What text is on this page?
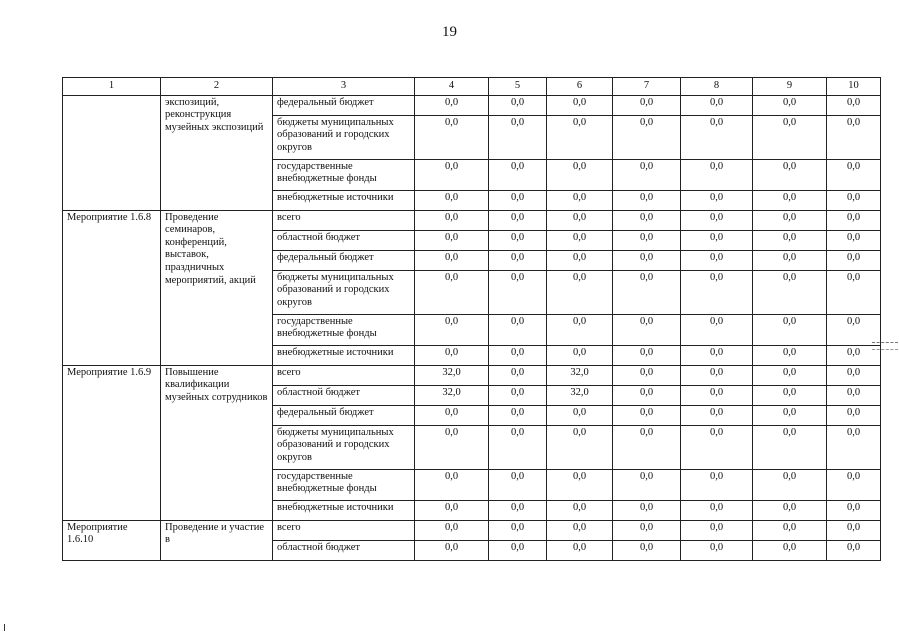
19
1	2	3	4	5	6	7	8	9	10
	экспозиций, реконструкция музейных экспозиций	федеральный бюджет	0,0	0,0	0,0	0,0	0,0	0,0	0,0
		бюджеты муниципальных образований и городских округов	0,0	0,0	0,0	0,0	0,0	0,0	0,0
		государственные внебюджетные фонды	0,0	0,0	0,0	0,0	0,0	0,0	0,0
		внебюджетные источники	0,0	0,0	0,0	0,0	0,0	0,0	0,0
Мероприятие 1.6.8	Проведение семинаров, конференций, выставок, праздничных мероприятий, акций	всего	0,0	0,0	0,0	0,0	0,0	0,0	0,0
		областной бюджет	0,0	0,0	0,0	0,0	0,0	0,0	0,0
		федеральный бюджет	0,0	0,0	0,0	0,0	0,0	0,0	0,0
		бюджеты муниципальных образований и городских округов	0,0	0,0	0,0	0,0	0,0	0,0	0,0
		государственные внебюджетные фонды	0,0	0,0	0,0	0,0	0,0	0,0	0,0
		внебюджетные источники	0,0	0,0	0,0	0,0	0,0	0,0	0,0
Мероприятие 1.6.9	Повышение квалификации музейных сотрудников	всего	32,0	0,0	32,0	0,0	0,0	0,0	0,0
		областной бюджет	32,0	0,0	32,0	0,0	0,0	0,0	0,0
		федеральный бюджет	0,0	0,0	0,0	0,0	0,0	0,0	0,0
		бюджеты муниципальных образований и городских округов	0,0	0,0	0,0	0,0	0,0	0,0	0,0
		государственные внебюджетные фонды	0,0	0,0	0,0	0,0	0,0	0,0	0,0
		внебюджетные источники	0,0	0,0	0,0	0,0	0,0	0,0	0,0
Мероприятие 1.6.10	Проведение и участие в	всего	0,0	0,0	0,0	0,0	0,0	0,0	0,0
		областной бюджет	0,0	0,0	0,0	0,0	0,0	0,0	0,0
